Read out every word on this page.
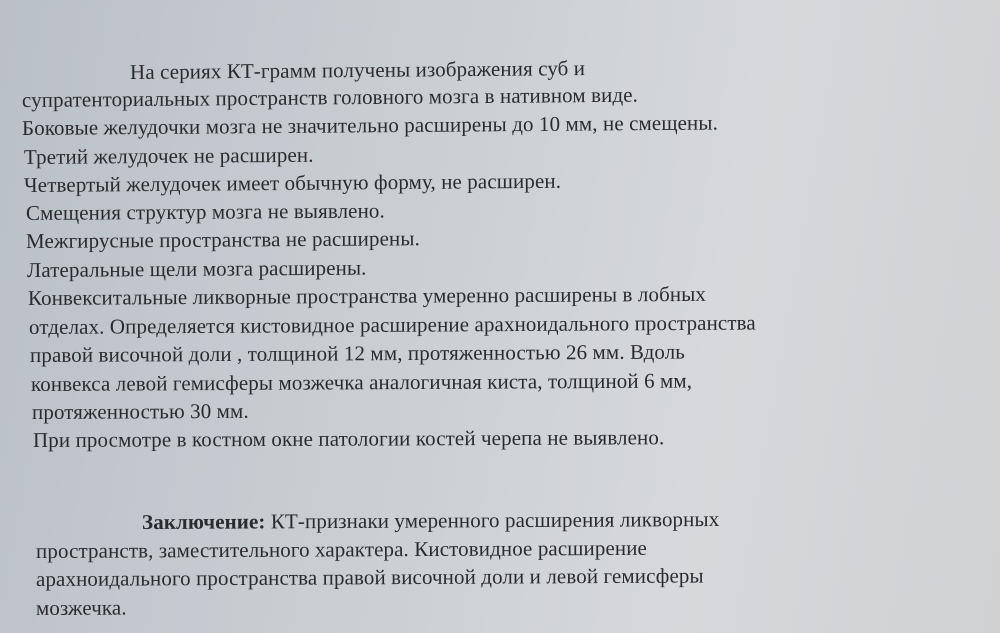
На сериях КТ-грамм получены изображения суб и
супратенториальных пространств головного мозга в нативном виде.
Боковые желудочки мозга не значительно расширены до 10 мм, не смещены.
Третий желудочек не расширен.
Четвертый желудочек имеет обычную форму, не расширен.
Смещения структур мозга не выявлено.
Межгирусные пространства не расширены.
Латеральные щели мозга расширены.
Конвекситальные ликворные пространства умеренно расширены в лобных
отделах. Определяется кистовидное расширение арахноидального пространства
правой височной доли , толщиной 12 мм, протяженностью 26 мм. Вдоль
конвекса левой гемисферы мозжечка аналогичная киста, толщиной 6 мм,
протяженностью 30 мм.
При просмотре в костном окне патологии костей черепа не выявлено.
Заключение: КТ-признаки умеренного расширения ликворных
пространств, заместительного характера. Кистовидное расширение
арахноидального пространства правой височной доли и левой гемисферы
мозжечка.
